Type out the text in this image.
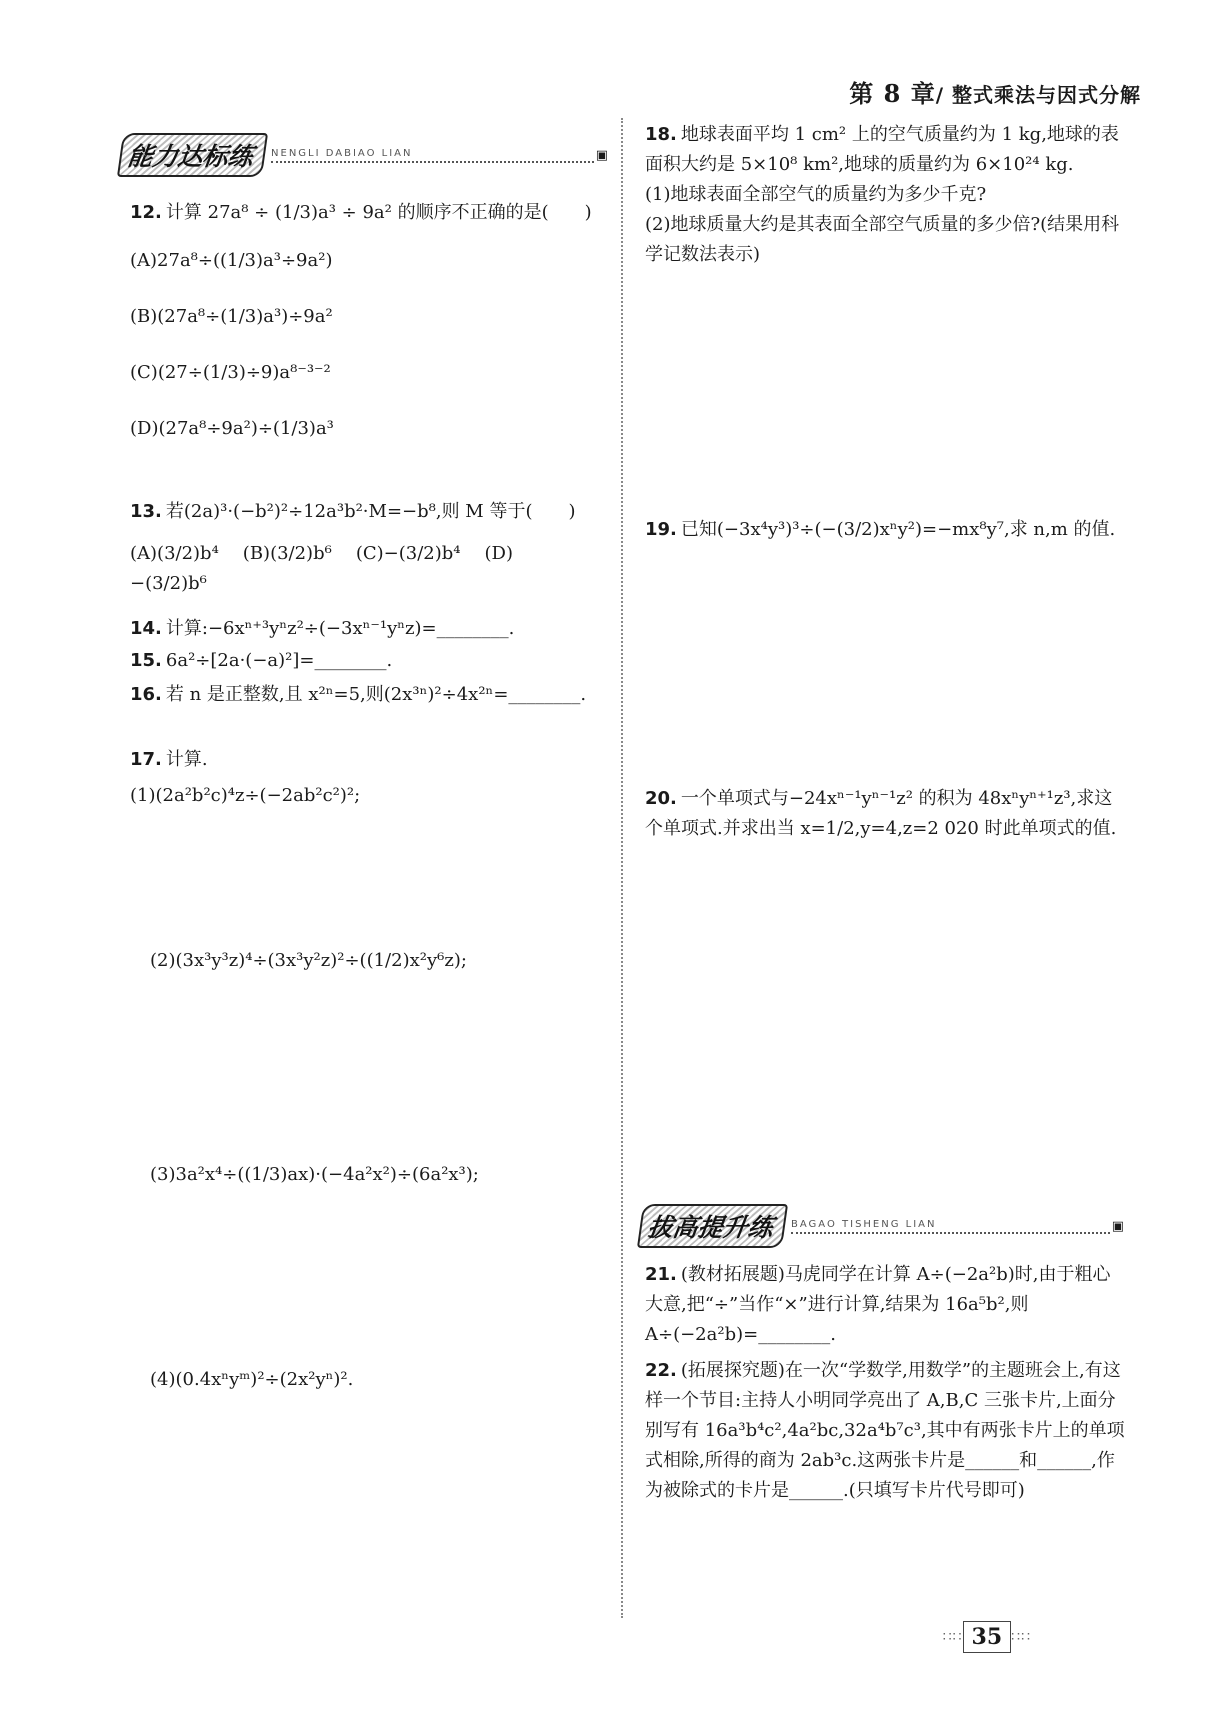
第 8 章/ 整式乘法与因式分解
能力达标练	NENGLI DABIAO LIAN	▣
12. 计算 27a⁸ ÷ (1/3)a³ ÷ 9a² 的顺序不正确的是(　　)
(A)27a⁸÷((1/3)a³÷9a²)
(B)(27a⁸÷(1/3)a³)÷9a²
(C)(27÷(1/3)÷9)a⁸⁻³⁻²
(D)(27a⁸÷9a²)÷(1/3)a³
13. 若(2a)³·(−b²)²÷12a³b²·M=−b⁸,则 M 等于(　　)
(A)(3/2)b⁴ (B)(3/2)b⁶ (C)−(3/2)b⁴ (D)−(3/2)b⁶
14. 计算:−6xⁿ⁺³yⁿz²÷(−3xⁿ⁻¹yⁿz)=________.
15. 6a²÷[2a·(−a)²]=________.
16. 若 n 是正整数,且 x²ⁿ=5,则(2x³ⁿ)²÷4x²ⁿ=________.
17. 计算.
(1)(2a²b²c)⁴z÷(−2ab²c²)²;
(2)(3x³y³z)⁴÷(3x³y²z)²÷((1/2)x²y⁶z);
(3)3a²x⁴÷((1/3)ax)·(−4a²x²)÷(6a²x³);
(4)(0.4xⁿyᵐ)²÷(2x²yⁿ)².
18. 地球表面平均 1 cm² 上的空气质量约为 1 kg,地球的表面积大约是 5×10⁸ km²,地球的质量约为 6×10²⁴ kg.
(1)地球表面全部空气的质量约为多少千克?
(2)地球质量大约是其表面全部空气质量的多少倍?(结果用科学记数法表示)
19. 已知(−3x⁴y³)³÷(−(3/2)xⁿy²)=−mx⁸y⁷,求 n,m 的值.
20. 一个单项式与−24xⁿ⁻¹yⁿ⁻¹z² 的积为 48xⁿyⁿ⁺¹z³,求这个单项式.并求出当 x=1/2,y=4,z=2 020 时此单项式的值.
拔高提升练	BAGAO TISHENG LIAN	▣
21. (教材拓展题)马虎同学在计算 A÷(−2a²b)时,由于粗心大意,把“÷”当作“×”进行计算,结果为 16a⁵b²,则 A÷(−2a²b)=________.
22. (拓展探究题)在一次“学数学,用数学”的主题班会上,有这样一个节目:主持人小明同学亮出了 A,B,C 三张卡片,上面分别写有 16a³b⁴c²,4a²bc,32a⁴b⁷c³,其中有两张卡片上的单项式相除,所得的商为 2ab³c.这两张卡片是______和______,作为被除式的卡片是______.(只填写卡片代号即可)
∷∷ 35 ∷∷
